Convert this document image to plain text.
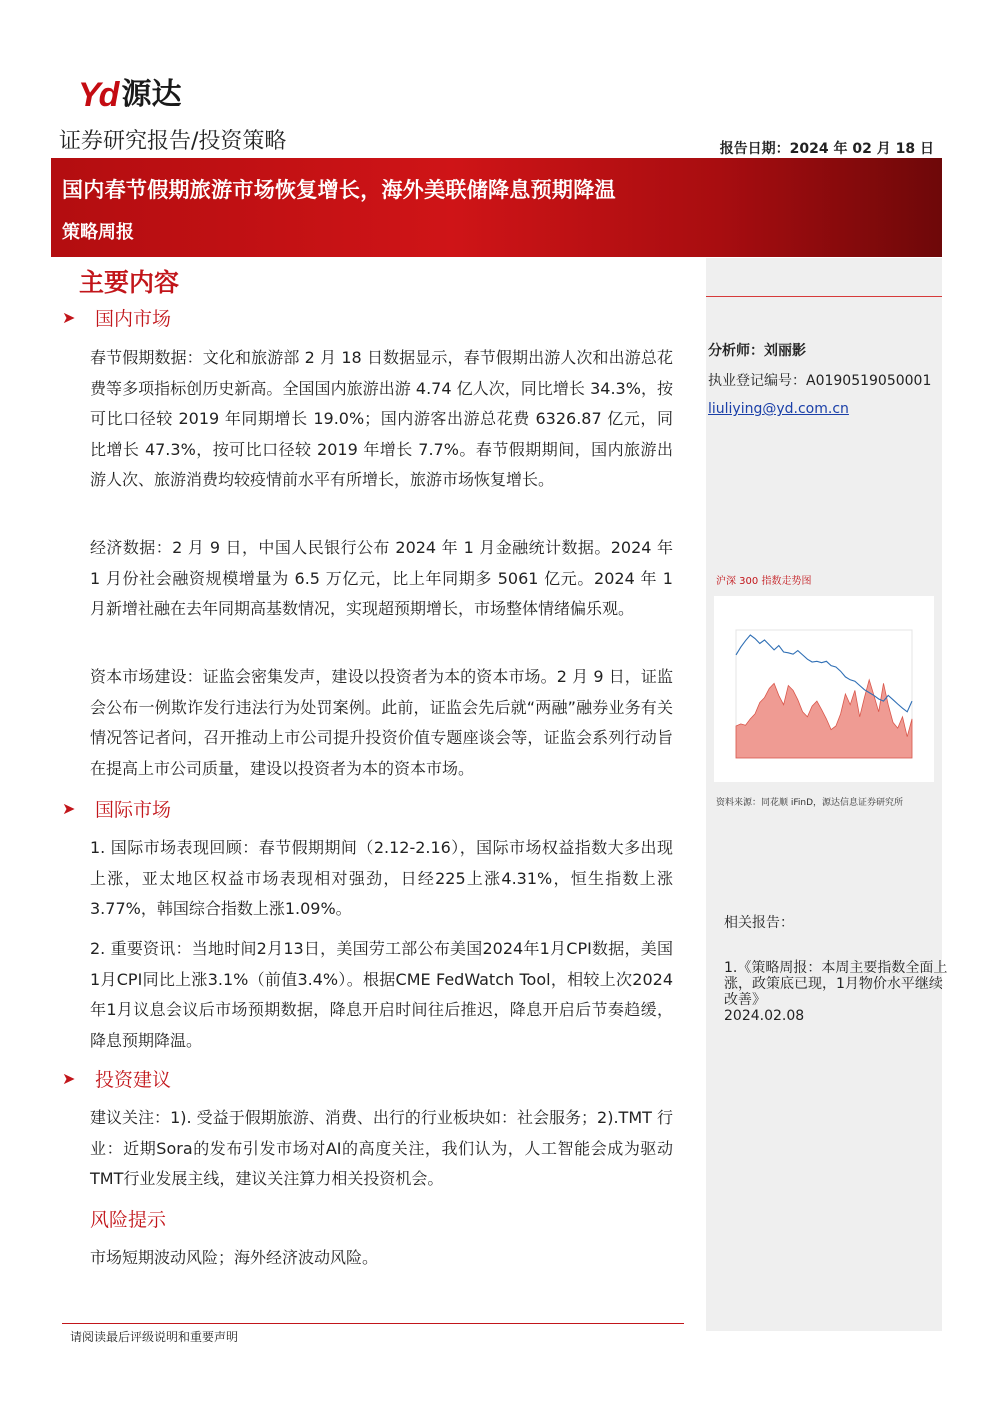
Yd 源达
证券研究报告/投资策略	报告日期：2024 年 02 月 18 日
国内春节假期旅游市场恢复增长，海外美联储降息预期降温
策略周报
主要内容
➤	国内市场
春节假期数据：文化和旅游部 2 月 18 日数据显示，春节假期出游人次和出游总花费等多项指标创历史新高。全国国内旅游出游 4.74 亿人次，同比增长 34.3%，按可比口径较 2019 年同期增长 19.0%；国内游客出游总花费 6326.87 亿元，同比增长 47.3%，按可比口径较 2019 年增长 7.7%。春节假期期间，国内旅游出游人次、旅游消费均较疫情前水平有所增长，旅游市场恢复增长。
经济数据：2 月 9 日，中国人民银行公布 2024 年 1 月金融统计数据。2024 年 1 月份社会融资规模增量为 6.5 万亿元，比上年同期多 5061 亿元。2024 年 1 月新增社融在去年同期高基数情况，实现超预期增长，市场整体情绪偏乐观。
资本市场建设：证监会密集发声，建设以投资者为本的资本市场。2 月 9 日，证监会公布一例欺诈发行违法行为处罚案例。此前，证监会先后就“两融”融券业务有关情况答记者问，召开推动上市公司提升投资价值专题座谈会等，证监会系列行动旨在提高上市公司质量，建设以投资者为本的资本市场。
➤	国际市场
1. 国际市场表现回顾：春节假期期间（2.12-2.16），国际市场权益指数大多出现上涨，亚太地区权益市场表现相对强劲，日经225上涨4.31%，恒生指数上涨3.77%，韩国综合指数上涨1.09%。
2. 重要资讯：当地时间2月13日，美国劳工部公布美国2024年1月CPI数据，美国1月CPI同比上涨3.1%（前值3.4%）。根据CME FedWatch Tool，相较上次2024年1月议息会议后市场预期数据，降息开启时间往后推迟，降息开启后节奏趋缓，降息预期降温。
➤	投资建议
建议关注：1). 受益于假期旅游、消费、出行的行业板块如：社会服务；2).TMT 行业：近期Sora的发布引发市场对AI的高度关注，我们认为，人工智能会成为驱动TMT行业发展主线，建议关注算力相关投资机会。
风险提示
市场短期波动风险；海外经济波动风险。
请阅读最后评级说明和重要声明
分析师：刘丽影
执业登记编号：A0190519050001
liuliying@yd.com.cn
沪深 300 指数走势图
资料来源：同花顺 iFinD，源达信息证券研究所
相关报告：
1.《策略周报：本周主要指数全面上涨，政策底已现，1月物价水平继续改善》
2024.02.08
